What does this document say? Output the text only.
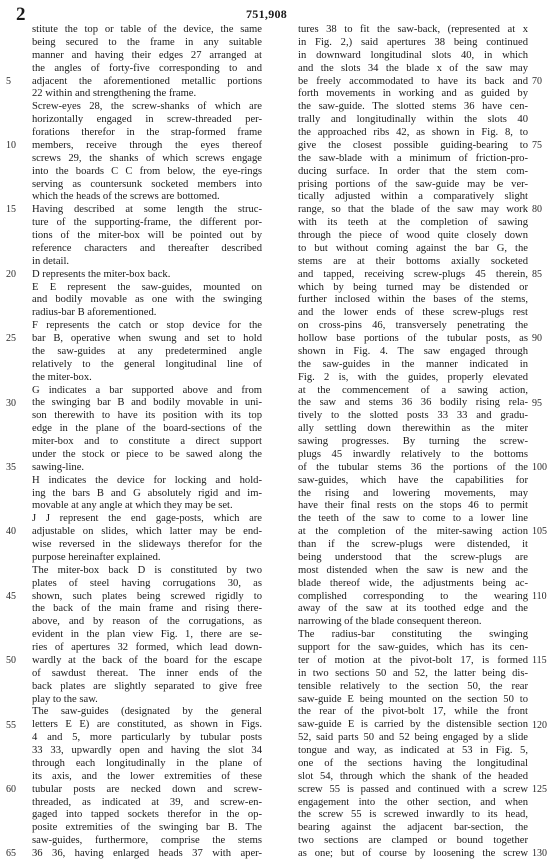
2	751,908
5
10
15
20
25
30
35
40
45
50
55
60
65
stitute the top or table of the device, the same
being secured to the frame in any suitable
manner and having their edges 27 arranged at
the angles of forty-five corresponding to and
adjacent the aforementioned metallic portions
22 within and strengthening the frame.
Screw-eyes 28, the screw-shanks of which are
horizontally engaged in screw-threaded per-
forations therefor in the strap-formed frame
members, receive through the eyes thereof
screws 29, the shanks of which screws engage
into the boards C C from below, the eye-rings
serving as countersunk socketed members into
which the heads of the screws are bottomed.
Having described at some length the struc-
ture of the supporting-frame, the different por-
tions of the miter-box will be pointed out by
reference characters and thereafter described
in detail.
D represents the miter-box back.
E E represent the saw-guides, mounted on
and bodily movable as one with the swinging
radius-bar B aforementioned.
F represents the catch or stop device for the
bar B, operative when swung and set to hold
the saw-guides at any predetermined angle
relatively to the general longitudinal line of
the miter-box.
G indicates a bar supported above and from
the swinging bar B and bodily movable in uni-
son therewith to have its position with its top
edge in the plane of the board-sections of the
miter-box and to constitute a direct support
under the stock or piece to be sawed along the
sawing-line.
H indicates the device for locking and hold-
ing the bars B and G absolutely rigid and im-
movable at any angle at which they may be set.
J J represent the end gage-posts, which are
adjustable on slides, which latter may be end-
wise reversed in the slideways therefor for the
purpose hereinafter explained.
The miter-box back D is constituted by two
plates of steel having corrugations 30, as
shown, such plates being screwed rigidly to
the back of the main frame and rising there-
above, and by reason of the corrugations, as
evident in the plan view Fig. 1, there are se-
ries of apertures 32 formed, which lead down-
wardly at the back of the board for the escape
of sawdust thereat. The inner ends of the
back plates are slightly separated to give free
play to the saw.
The saw-guides (designated by the general
letters E E) are constituted, as shown in Figs.
4 and 5, more particularly by tubular posts
33 33, upwardly open and having the slot 34
through each longitudinally in the plane of
its axis, and the lower extremities of these
tubular posts are necked down and screw-
threaded, as indicated at 39, and screw-en-
gaged into tapped sockets therefor in the op-
posite extremities of the swinging bar B. The
saw-guides, furthermore, comprise the stems
36 36, having enlarged heads 37 with aper-
tures 38 to fit the saw-back, (represented at x
in Fig. 2,) said apertures 38 being continued
in downward longitudinal slots 40, in which
and the slots 34 the blade x of the saw may
be freely accommodated to have its back and
forth movements in working and as guided by
the saw-guide. The slotted stems 36 have cen-
trally and longitudinally within the slots 40
the approached ribs 42, as shown in Fig. 8, to
give the closest possible guiding-bearing to
the saw-blade with a minimum of friction-pro-
ducing surface. In order that the stem com-
prising portions of the saw-guide may be ver-
tically adjusted within a comparatively slight
range, so that the blade of the saw may work
with its teeth at the completion of sawing
through the piece of wood quite closely down
to but without coming against the bar G, the
stems are at their bottoms axially socketed
and tapped, receiving screw-plugs 45 therein,
which by being turned may be distended or
further inclosed within the bases of the stems,
and the lower ends of these screw-plugs rest
on cross-pins 46, transversely penetrating the
hollow base portions of the tubular posts, as
shown in Fig. 4. The saw engaged through
the saw-guides in the manner indicated in
Fig. 2 is, with the guides, properly elevated
at the commencement of a sawing action,
the saw and stems 36 36 bodily rising rela-
tively to the slotted posts 33 33 and gradu-
ally settling down therewithin as the miter
sawing progresses. By turning the screw-
plugs 45 inwardly relatively to the bottoms
of the tubular stems 36 the portions of the
saw-guides, which have the capabilities for
the rising and lowering movements, may
have their final rests on the stops 46 to permit
the teeth of the saw to come to a lower line
at the completion of the miter-sawing action
than if the screw-plugs were distended, it
being understood that the screw-plugs are
most distended when the saw is new and the
blade thereof wide, the adjustments being ac-
complished corresponding to the wearing
away of the saw at its toothed edge and the
narrowing of the blade consequent thereon.
The radius-bar constituting the swinging
support for the saw-guides, which has its cen-
ter of motion at the pivot-bolt 17, is formed
in two sections 50 and 52, the latter being dis-
tensible relatively to the section 50, the rear
saw-guide E being mounted on the section 50 to
the rear of the pivot-bolt 17, while the front
saw-guide E is carried by the distensible section
52, said parts 50 and 52 being engaged by a slide
tongue and way, as indicated at 53 in Fig. 5,
one of the sections having the longitudinal
slot 54, through which the shank of the headed
screw 55 is passed and continued with a screw
engagement into the other section, and when
the screw 55 is screwed inwardly to its head,
bearing against the adjacent bar-section, the
two sections are clamped or bound together
as one; but of course by loosening the screw
70
75
80
85
90
95
100
105
110
115
120
125
130
